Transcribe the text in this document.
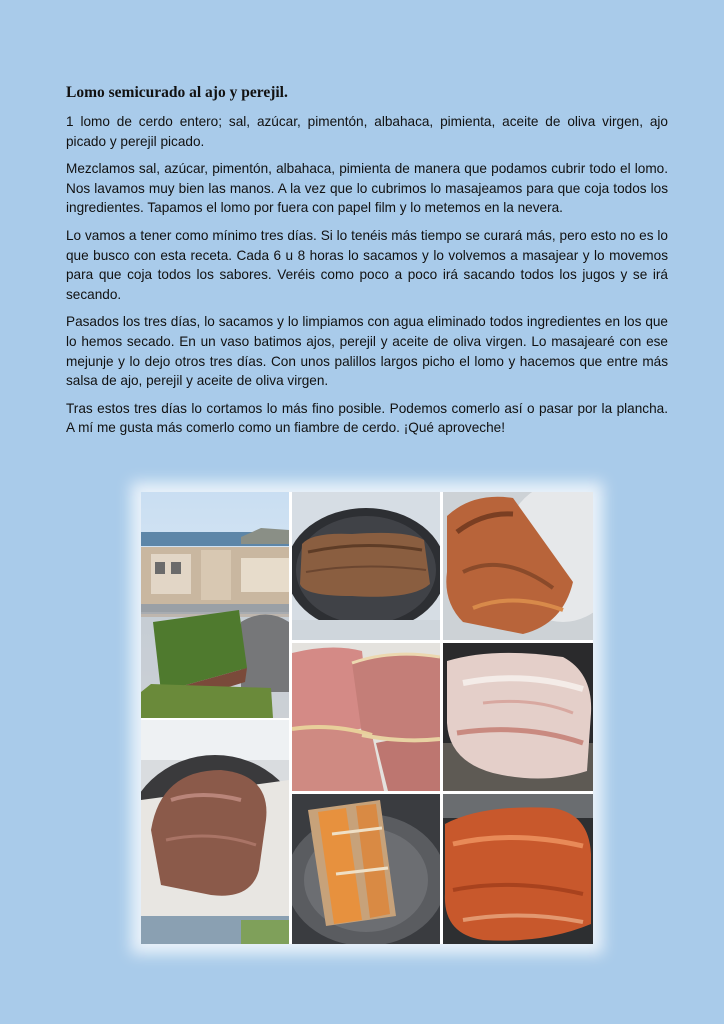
Lomo semicurado al ajo y perejil.

1 lomo de cerdo entero; sal, azúcar, pimentón, albahaca, pimienta, aceite de oliva virgen, ajo picado y perejil picado.

Mezclamos sal, azúcar, pimentón, albahaca, pimienta de manera que podamos cubrir todo el lomo. Nos lavamos muy bien las manos. A la vez que lo cubrimos lo masajeamos para que coja todos los ingredientes. Tapamos el lomo por fuera con papel film y lo metemos en la nevera.

Lo vamos a tener como mínimo tres días. Si lo tenéis más tiempo se curará más, pero esto no es lo que busco con esta receta. Cada 6 u 8 horas lo sacamos y lo volvemos a masajear y lo movemos para que coja todos los sabores. Veréis como poco a poco irá sacando todos los jugos y se irá secando.

Pasados los tres días, lo sacamos y lo limpiamos con agua eliminado todos ingredientes en los que lo hemos secado. En un vaso batimos ajos, perejil y aceite de oliva virgen. Lo masajearé con ese mejunje y lo dejo otros tres días. Con unos palillos largos picho el lomo y hacemos que entre más salsa de ajo, perejil y aceite de oliva virgen.

Tras estos tres días lo cortamos lo más fino posible. Podemos comerlo así o pasar por la plancha. A mí me gusta más comerlo como un fiambre de cerdo. ¡Qué aproveche!
